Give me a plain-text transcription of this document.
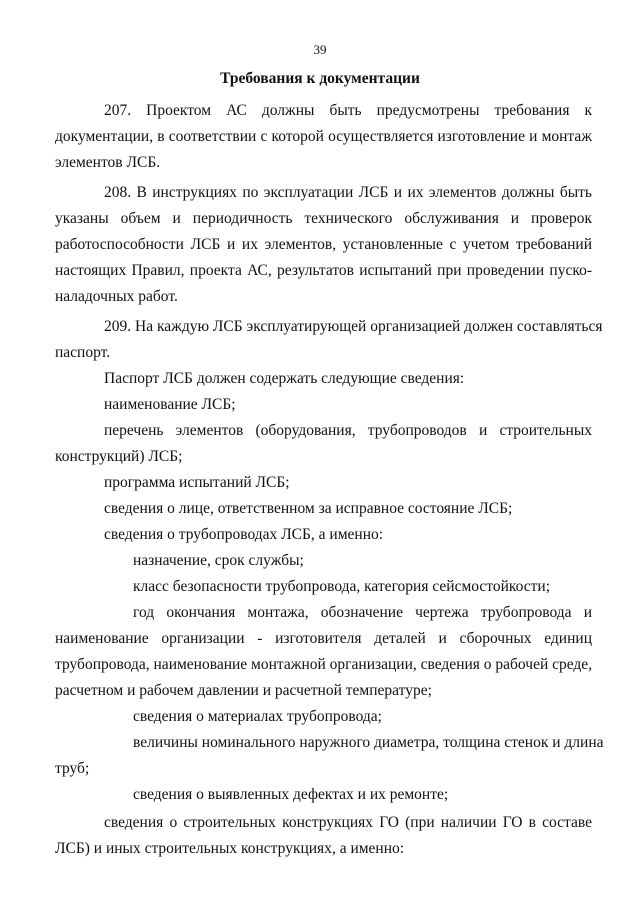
39
Требования к документации
207. Проектом АС должны быть предусмотрены требования к
документации, в соответствии с которой осуществляется изготовление и монтаж
элементов ЛСБ.
208. В инструкциях по эксплуатации ЛСБ и их элементов должны быть
указаны объем и периодичность технического обслуживания и проверок
работоспособности ЛСБ и их элементов, установленные с учетом требований
настоящих Правил, проекта АС, результатов испытаний при проведении пуско-
наладочных работ.
209. На каждую ЛСБ эксплуатирующей организацией должен составляться
паспорт.
Паспорт ЛСБ должен содержать следующие сведения:
наименование ЛСБ;
перечень элементов (оборудования, трубопроводов и строительных
конструкций) ЛСБ;
программа испытаний ЛСБ;
сведения о лице, ответственном за исправное состояние ЛСБ;
сведения о трубопроводах ЛСБ, а именно:
назначение, срок службы;
класс безопасности трубопровода, категория сейсмостойкости;
год окончания монтажа, обозначение чертежа трубопровода и
наименование организации - изготовителя деталей и сборочных единиц
трубопровода, наименование монтажной организации, сведения о рабочей среде,
расчетном и рабочем давлении и расчетной температуре;
сведения о материалах трубопровода;
величины номинального наружного диаметра, толщина стенок и длина
труб;
сведения о выявленных дефектах и их ремонте;
сведения о строительных конструкциях ГО (при наличии ГО в составе
ЛСБ) и иных строительных конструкциях, а именно:
